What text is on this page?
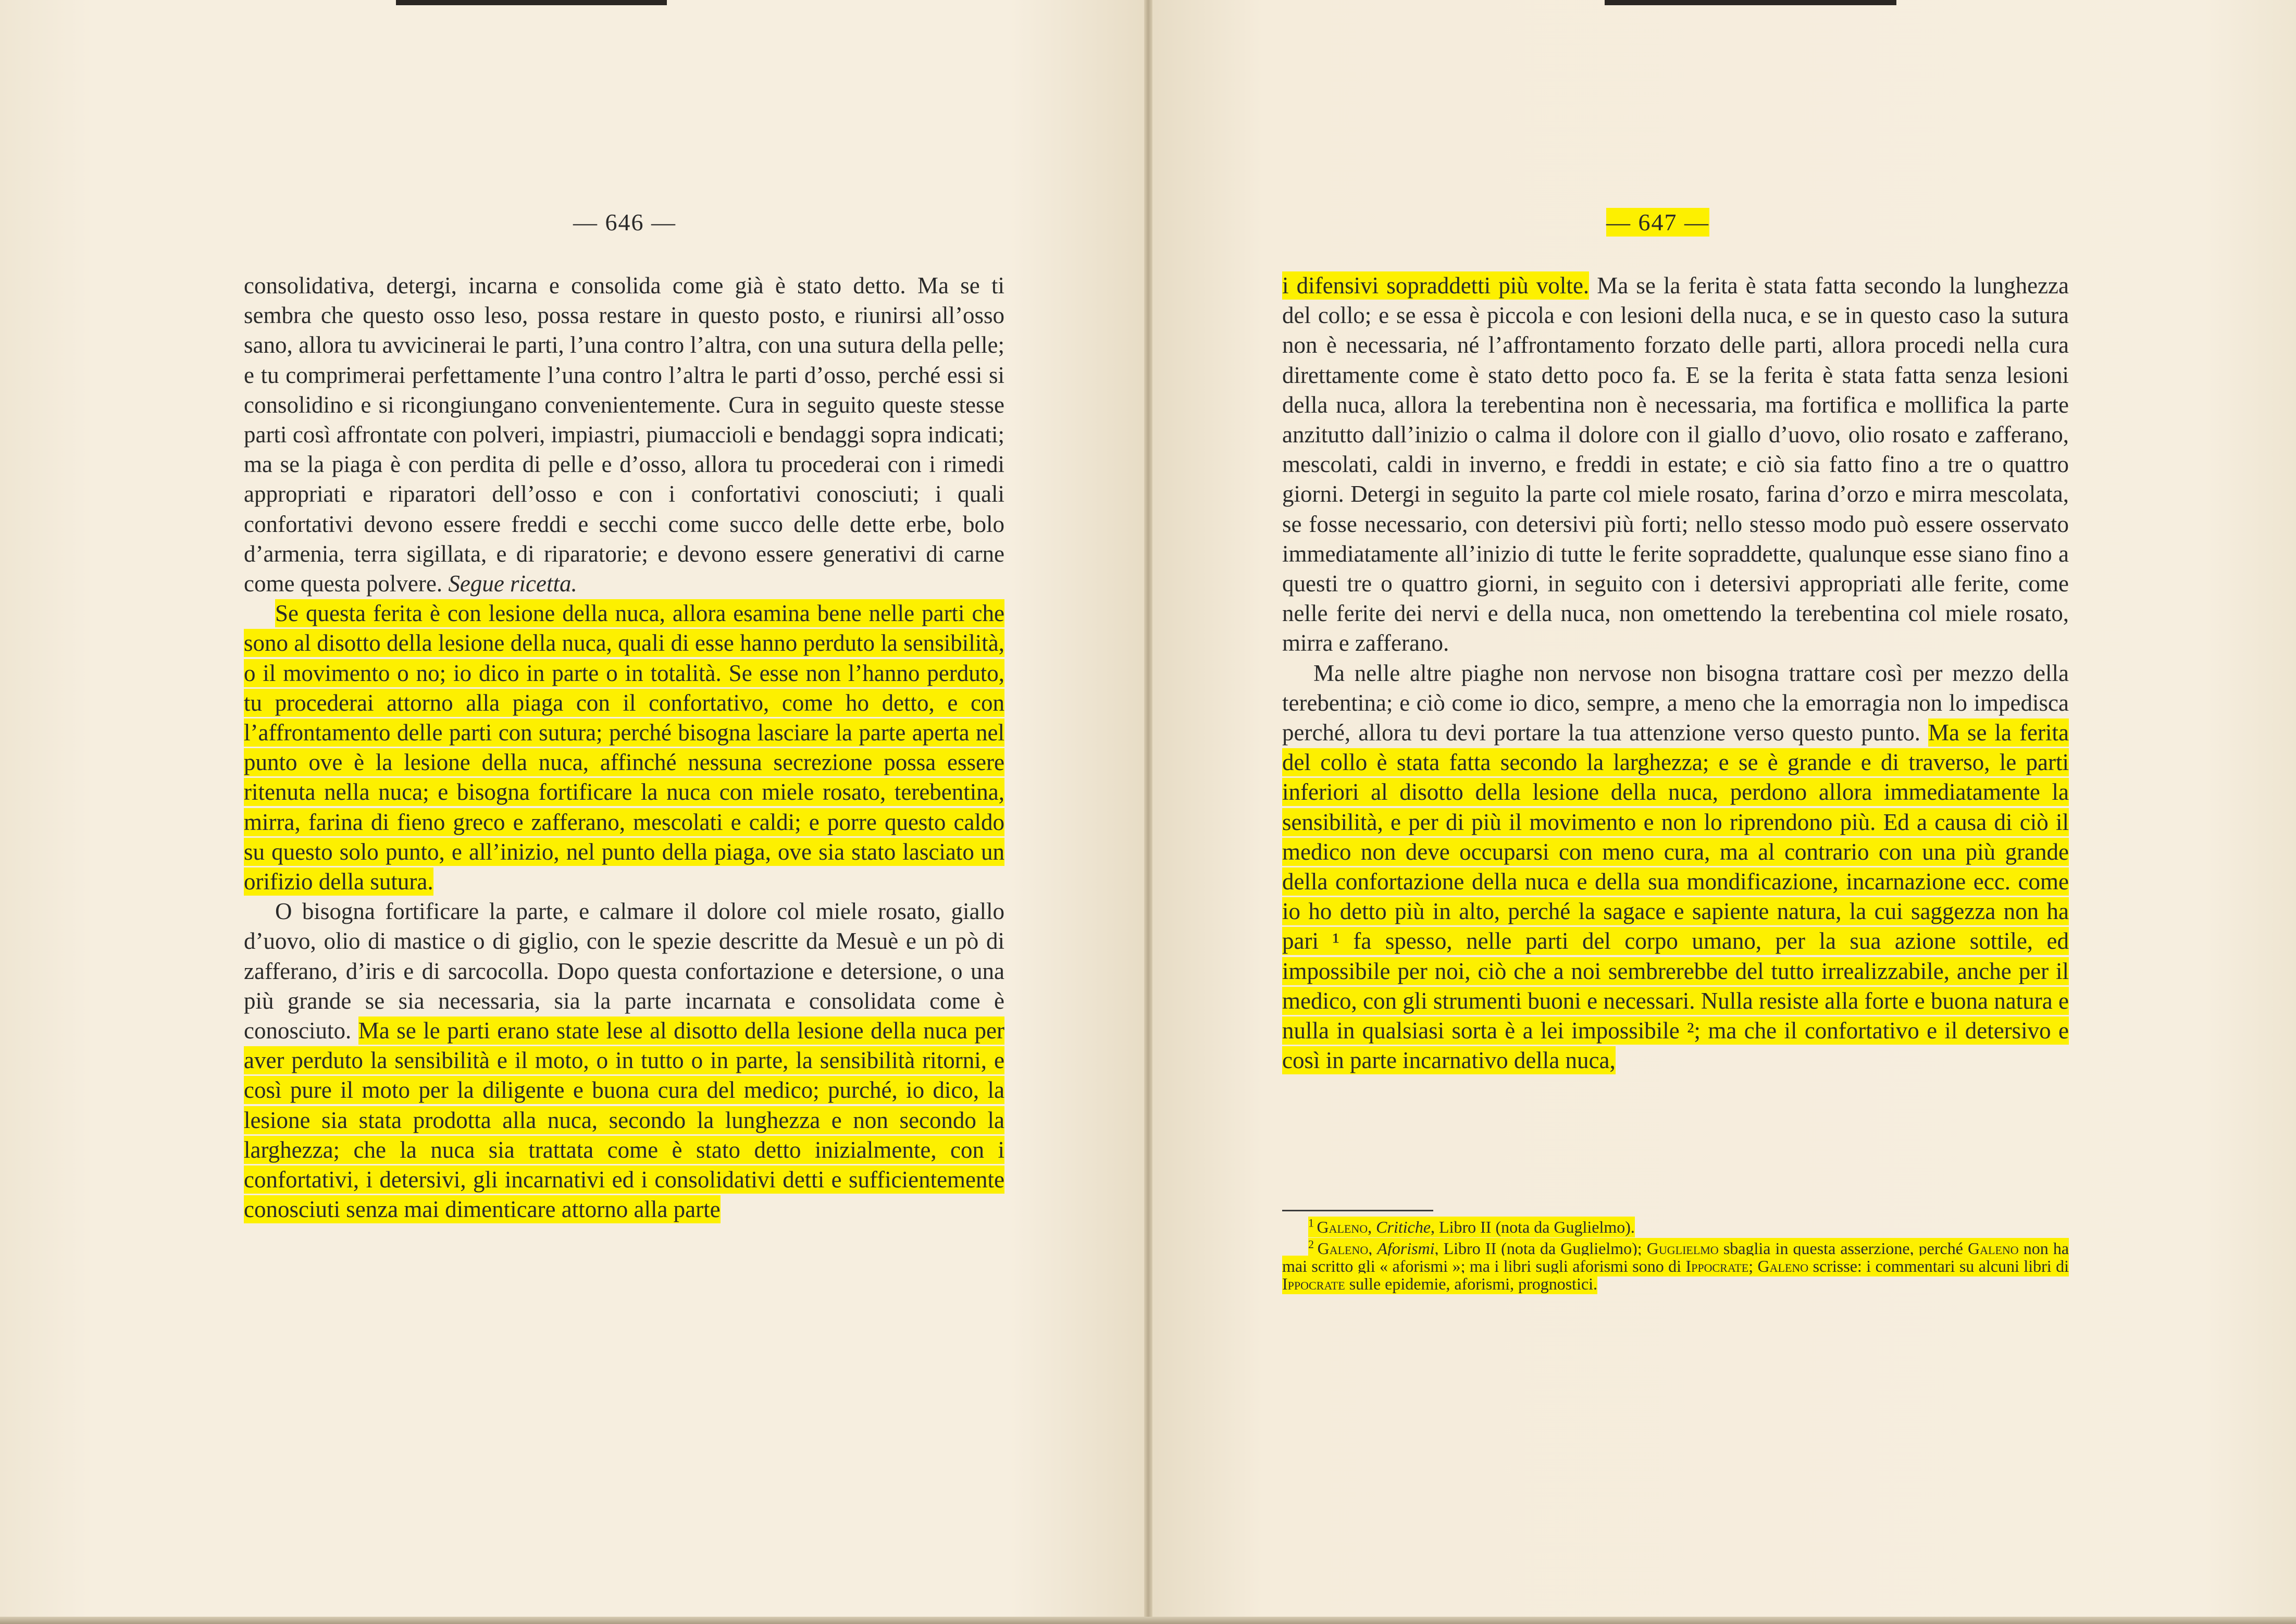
— 646 —

consolidativa, detergi, incarna e consolida come già è stato detto. Ma se ti sembra che questo osso leso, possa restare in questo posto, e riunirsi all’osso sano, allora tu avvicinerai le parti, l’una contro l’altra, con una sutura della pelle; e tu comprimerai perfettamente l’una contro l’altra le parti d’osso, perché essi si consolidino e si ricongiungano convenientemente. Cura in seguito queste stesse parti così affrontate con polveri, impiastri, piumaccioli e bendaggi sopra indicati; ma se la piaga è con perdita di pelle e d’osso, allora tu procederai con i rimedi appropriati e riparatori dell’osso e con i confortativi conosciuti; i quali confortativi devono essere freddi e secchi come succo delle dette erbe, bolo d’armenia, terra sigillata, e di riparatorie; e devono essere generativi di carne come questa polvere. Segue ricetta.

Se questa ferita è con lesione della nuca, allora esamina bene nelle parti che sono al disotto della lesione della nuca, quali di esse hanno perduto la sensibilità, o il movimento o no; io dico in parte o in totalità. Se esse non l’hanno perduto, tu procederai attorno alla piaga con il confortativo, come ho detto, e con l’affrontamento delle parti con sutura; perché bisogna lasciare la parte aperta nel punto ove è la lesione della nuca, affinché nessuna secrezione possa essere ritenuta nella nuca; e bisogna fortificare la nuca con miele rosato, terebentina, mirra, farina di fieno greco e zafferano, mescolati e caldi; e porre questo caldo su questo solo punto, e all’inizio, nel punto della piaga, ove sia stato lasciato un orifizio della sutura.

O bisogna fortificare la parte, e calmare il dolore col miele rosato, giallo d’uovo, olio di mastice o di giglio, con le spezie descritte da Mesuè e un pò di zafferano, d’iris e di sarcocolla. Dopo questa confortazione e detersione, o una più grande se sia necessaria, sia la parte incarnata e consolidata come è conosciuto. Ma se le parti erano state lese al disotto della lesione della nuca per aver perduto la sensibilità e il moto, o in tutto o in parte, la sensibilità ritorni, e così pure il moto per la diligente e buona cura del medico; purché, io dico, la lesione sia stata prodotta alla nuca, secondo la lunghezza e non secondo la larghezza; che la nuca sia trattata come è stato detto inizialmente, con i confortativi, i detersivi, gli incarnativi ed i consolidativi detti e sufficientemente conosciuti senza mai dimenticare attorno alla parte

— 647 —

i difensivi sopraddetti più volte. Ma se la ferita è stata fatta secondo la lunghezza del collo; e se essa è piccola e con lesioni della nuca, e se in questo caso la sutura non è necessaria, né l’affrontamento forzato delle parti, allora procedi nella cura direttamente come è stato detto poco fa. E se la ferita è stata fatta senza lesioni della nuca, allora la terebentina non è necessaria, ma fortifica e mollifica la parte anzitutto dall’inizio o calma il dolore con il giallo d’uovo, olio rosato e zafferano, mescolati, caldi in inverno, e freddi in estate; e ciò sia fatto fino a tre o quattro giorni. Detergi in seguito la parte col miele rosato, farina d’orzo e mirra mescolata, se fosse necessario, con detersivi più forti; nello stesso modo può essere osservato immediatamente all’inizio di tutte le ferite sopraddette, qualunque esse siano fino a questi tre o quattro giorni, in seguito con i detersivi appropriati alle ferite, come nelle ferite dei nervi e della nuca, non omettendo la terebentina col miele rosato, mirra e zafferano.

Ma nelle altre piaghe non nervose non bisogna trattare così per mezzo della terebentina; e ciò come io dico, sempre, a meno che la emorragia non lo impedisca perché, allora tu devi portare la tua attenzione verso questo punto. Ma se la ferita del collo è stata fatta secondo la larghezza; e se è grande e di traverso, le parti inferiori al disotto della lesione della nuca, perdono allora immediatamente la sensibilità, e per di più il movimento e non lo riprendono più. Ed a causa di ciò il medico non deve occuparsi con meno cura, ma al contrario con una più grande della confortazione della nuca e della sua mondificazione, incarnazione ecc. come io ho detto più in alto, perché la sagace e sapiente natura, la cui saggezza non ha pari ¹ fa spesso, nelle parti del corpo umano, per la sua azione sottile, ed impossibile per noi, ciò che a noi sembrerebbe del tutto irrealizzabile, anche per il medico, con gli strumenti buoni e necessari. Nulla resiste alla forte e buona natura e nulla in qualsiasi sorta è a lei impossibile ²; ma che il confortativo e il detersivo e così in parte incarnativo della nuca,

$^1$ Galeno, Critiche, Libro II (nota da Guglielmo).

$^2$ Galeno, Aforismi, Libro II (nota da Guglielmo); Guglielmo sbaglia in questa asserzione, perché Galeno non ha mai scritto gli « aforismi »; ma i libri sugli aforismi sono di Ippocrate; Galeno scrisse: i commentari su alcuni libri di Ippocrate sulle epidemie, aforismi, prognostici.
